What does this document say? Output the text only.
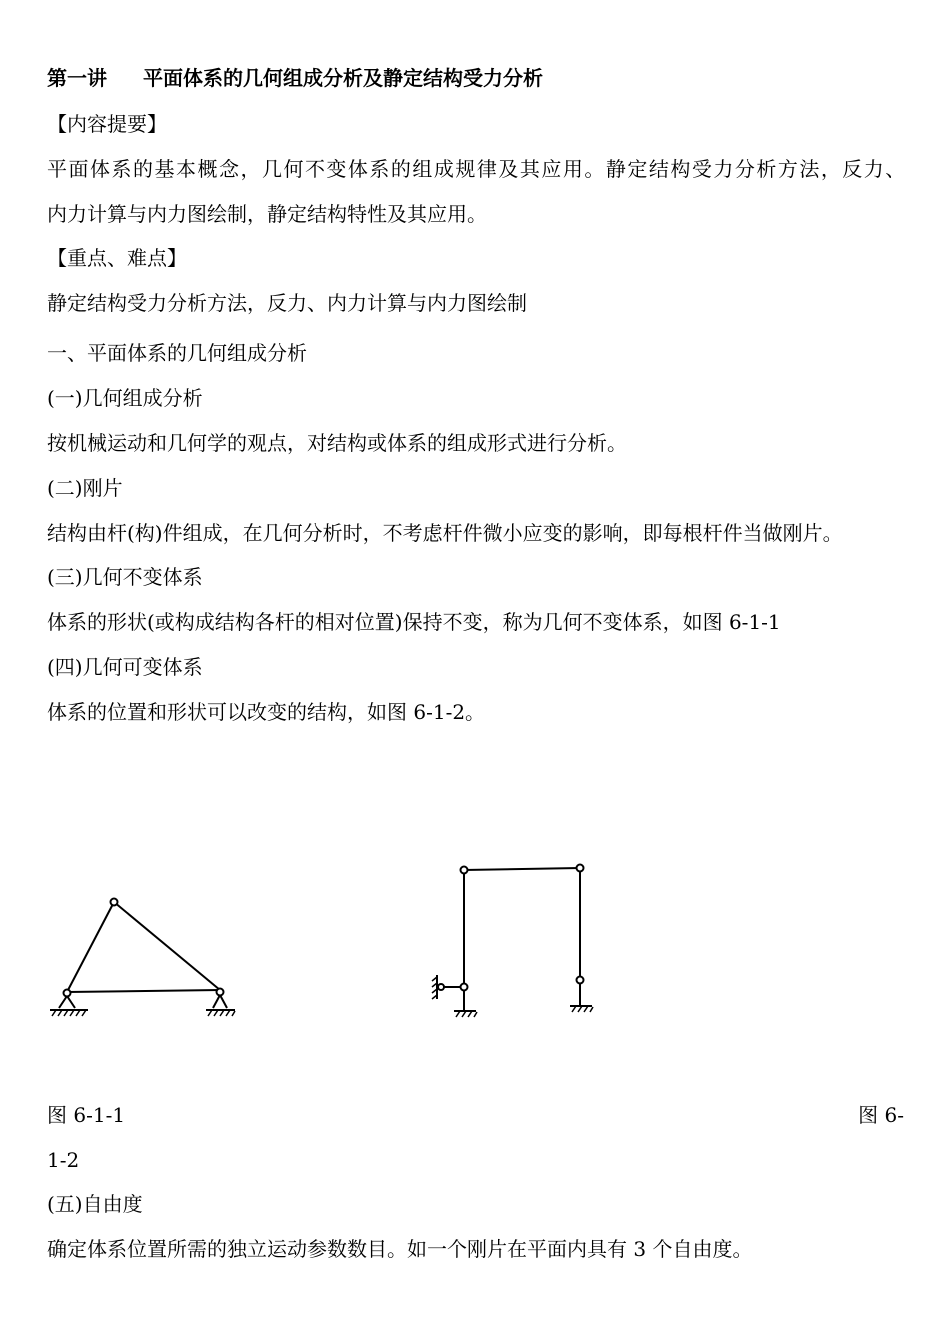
第一讲 平面体系的几何组成分析及静定结构受力分析
【内容提要】
平面体系的基本概念，几何不变体系的组成规律及其应用。静定结构受力分析方法，反力、
内力计算与内力图绘制，静定结构特性及其应用。
【重点、难点】
静定结构受力分析方法，反力、内力计算与内力图绘制
一、平面体系的几何组成分析
(一)几何组成分析
按机械运动和几何学的观点，对结构或体系的组成形式进行分析。
(二)刚片
结构由杆(构)件组成，在几何分析时，不考虑杆件微小应变的影响，即每根杆件当做刚片。
(三)几何不变体系
体系的形状(或构成结构各杆的相对位置)保持不变，称为几何不变体系，如图 6-1-1
(四)几何可变体系
体系的位置和形状可以改变的结构，如图 6-1-2。
图 6-1-1	图 6-
1-2
(五)自由度
确定体系位置所需的独立运动参数数目。如一个刚片在平面内具有 3 个自由度。
